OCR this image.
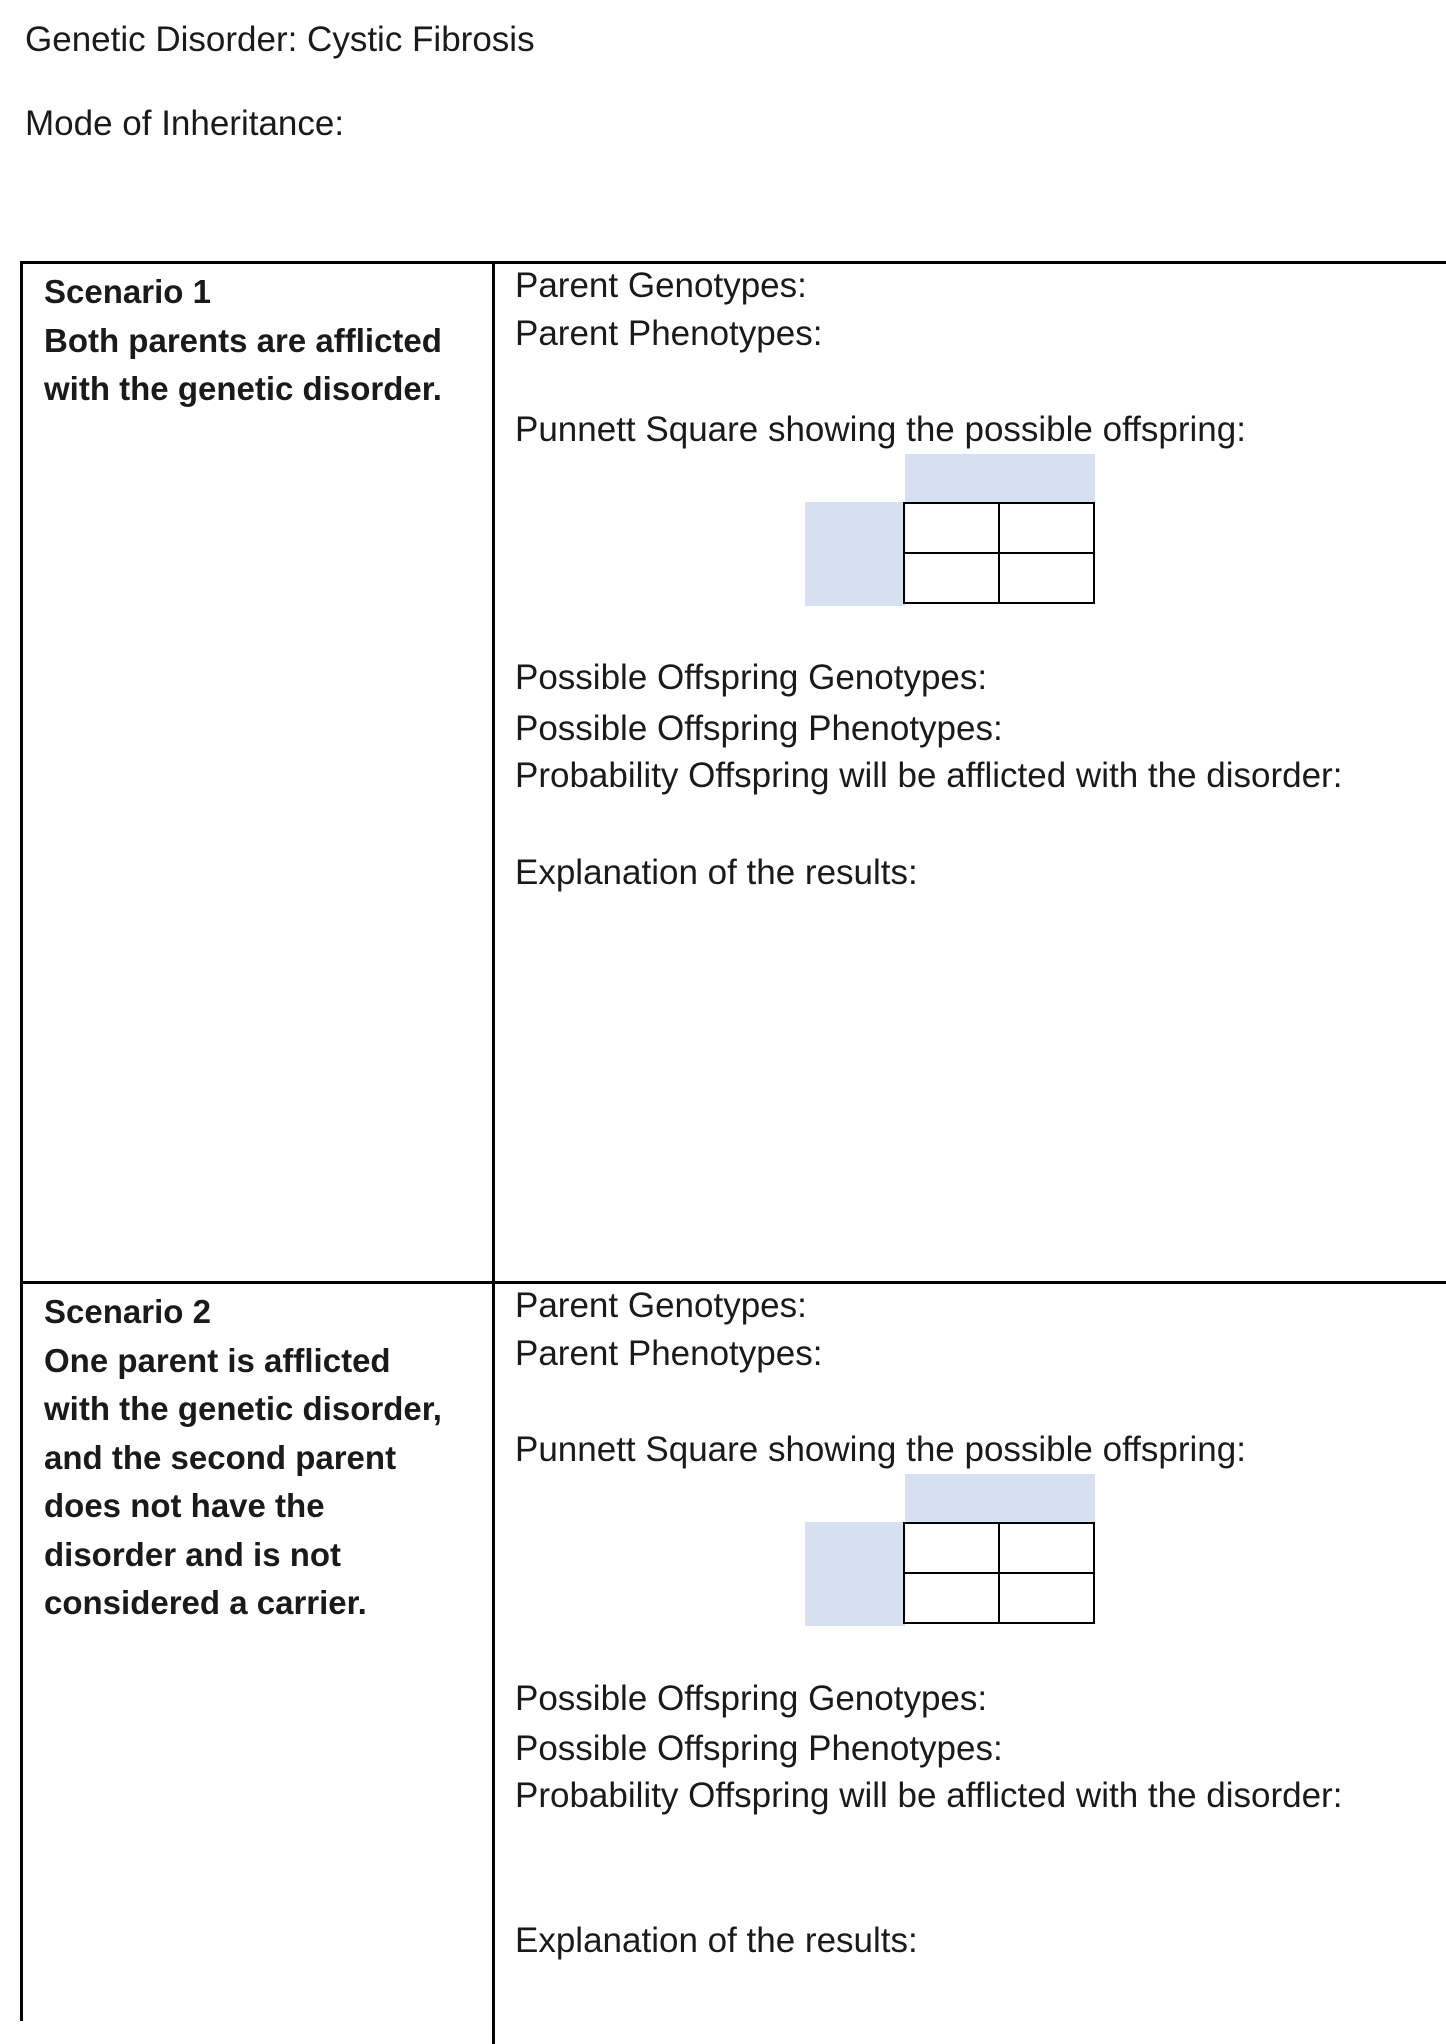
Genetic Disorder: Cystic Fibrosis
Mode of Inheritance:
Scenario 1
Both parents are afflicted
with the genetic disorder.
Parent Genotypes:
Parent Phenotypes:
Punnett Square showing the possible offspring:
Possible Offspring Genotypes:
Possible Offspring Phenotypes:
Probability Offspring will be afflicted with the disorder:
Explanation of the results:
Scenario 2
One parent is afflicted
with the genetic disorder,
and the second parent
does not have the
disorder and is not
considered a carrier.
Parent Genotypes:
Parent Phenotypes:
Punnett Square showing the possible offspring:
Possible Offspring Genotypes:
Possible Offspring Phenotypes:
Probability Offspring will be afflicted with the disorder:
Explanation of the results:
